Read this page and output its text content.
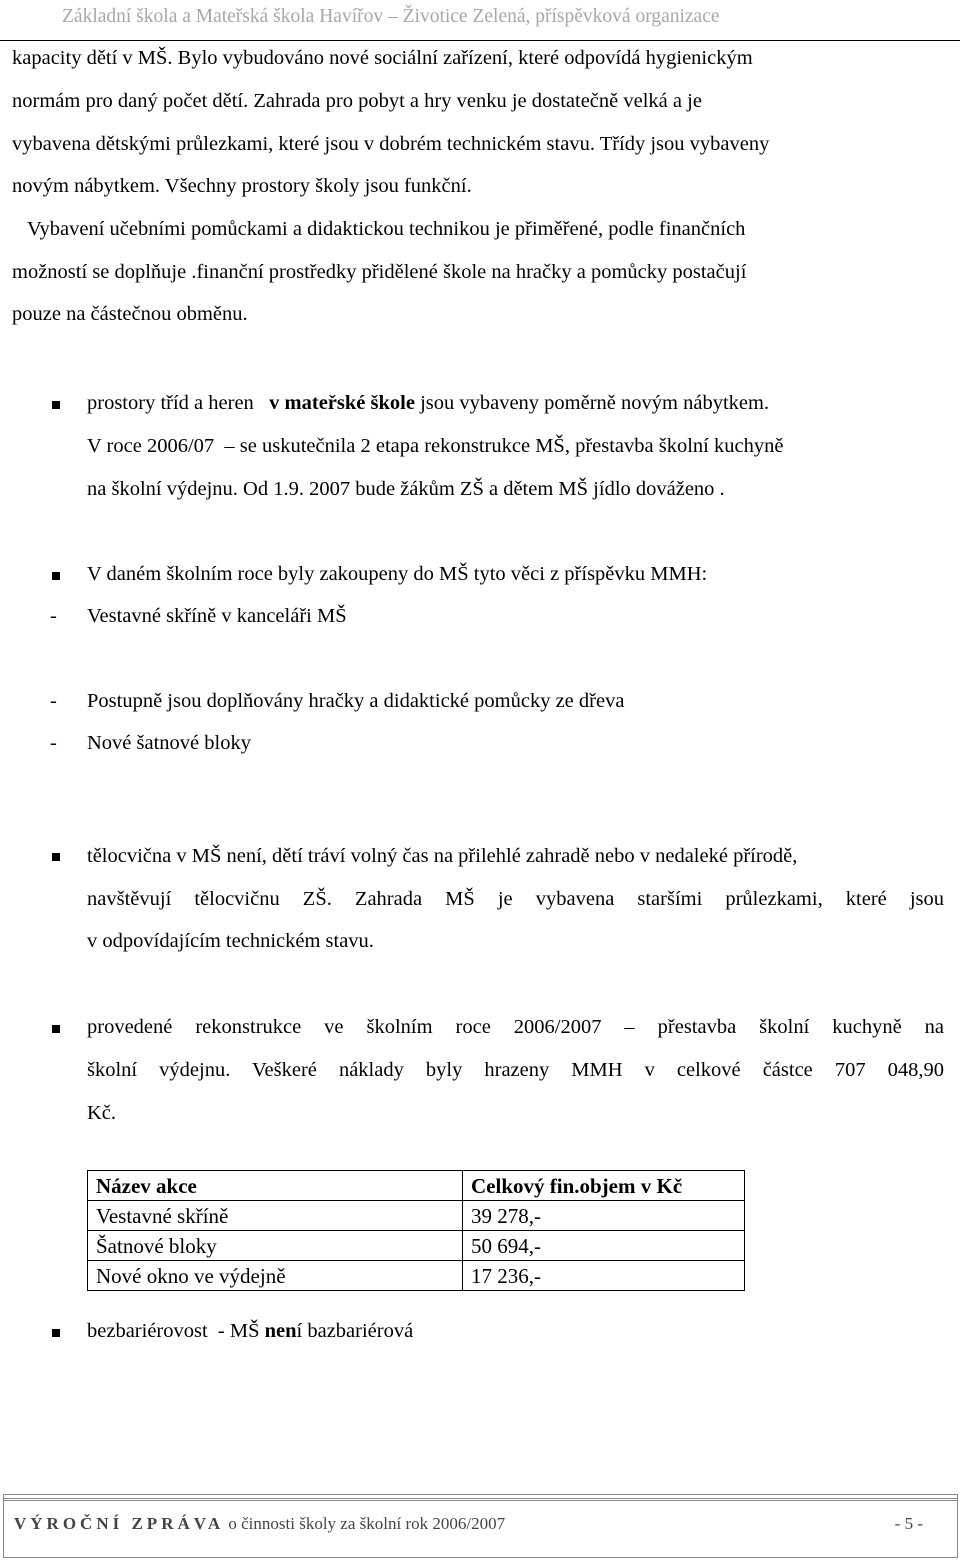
Základní škola a Mateřská škola Havířov – Životice Zelená, příspěvková organizace
kapacity dětí v MŠ. Bylo vybudováno nové sociální zařízení, které odpovídá hygienickým
normám pro daný počet dětí. Zahrada pro pobyt a hry venku je dostatečně velká a je
vybavena dětskými průlezkami, které jsou v dobrém technickém stavu. Třídy jsou vybaveny
novým nábytkem. Všechny prostory školy jsou funkční.
Vybavení učebními pomůckami a didaktickou technikou je přiměřené, podle finančních
možností se doplňuje .finanční prostředky přidělené škole na hračky a pomůcky postačují
pouze na částečnou obměnu.
prostory tříd a heren   v mateřské škole jsou vybaveny poměrně novým nábytkem.
V roce 2006/07  – se uskutečnila 2 etapa rekonstrukce MŠ, přestavba školní kuchyně
na školní výdejnu. Od 1.9. 2007 bude žákům ZŠ a dětem MŠ jídlo dováženo .
V daném školním roce byly zakoupeny do MŠ tyto věci z příspěvku MMH:
- Vestavné skříně v kanceláři MŠ
- Postupně jsou doplňovány hračky a didaktické pomůcky ze dřeva
- Nové šatnové bloky
tělocvična v MŠ není, dětí tráví volný čas na přilehlé zahradě nebo v nedaleké přírodě,
navštěvují tělocvičnu ZŠ. Zahrada MŠ je vybavena staršími průlezkami, které jsou
v odpovídajícím technickém stavu.
provedené rekonstrukce ve školním roce 2006/2007 – přestavba školní kuchyně na
školní výdejnu. Veškeré náklady byly hrazeny MMH v celkové částce 707 048,90
Kč.
Název akce	Celkový fin.objem v Kč
Vestavné skříně	39 278,-
Šatnové bloky	50 694,-
Nové okno ve výdejně	17 236,-
bezbariérovost  - MŠ není bazbariérová
VÝROČNÍ ZPRÁVA o činnosti školy za školní rok 2006/2007	- 5 -
